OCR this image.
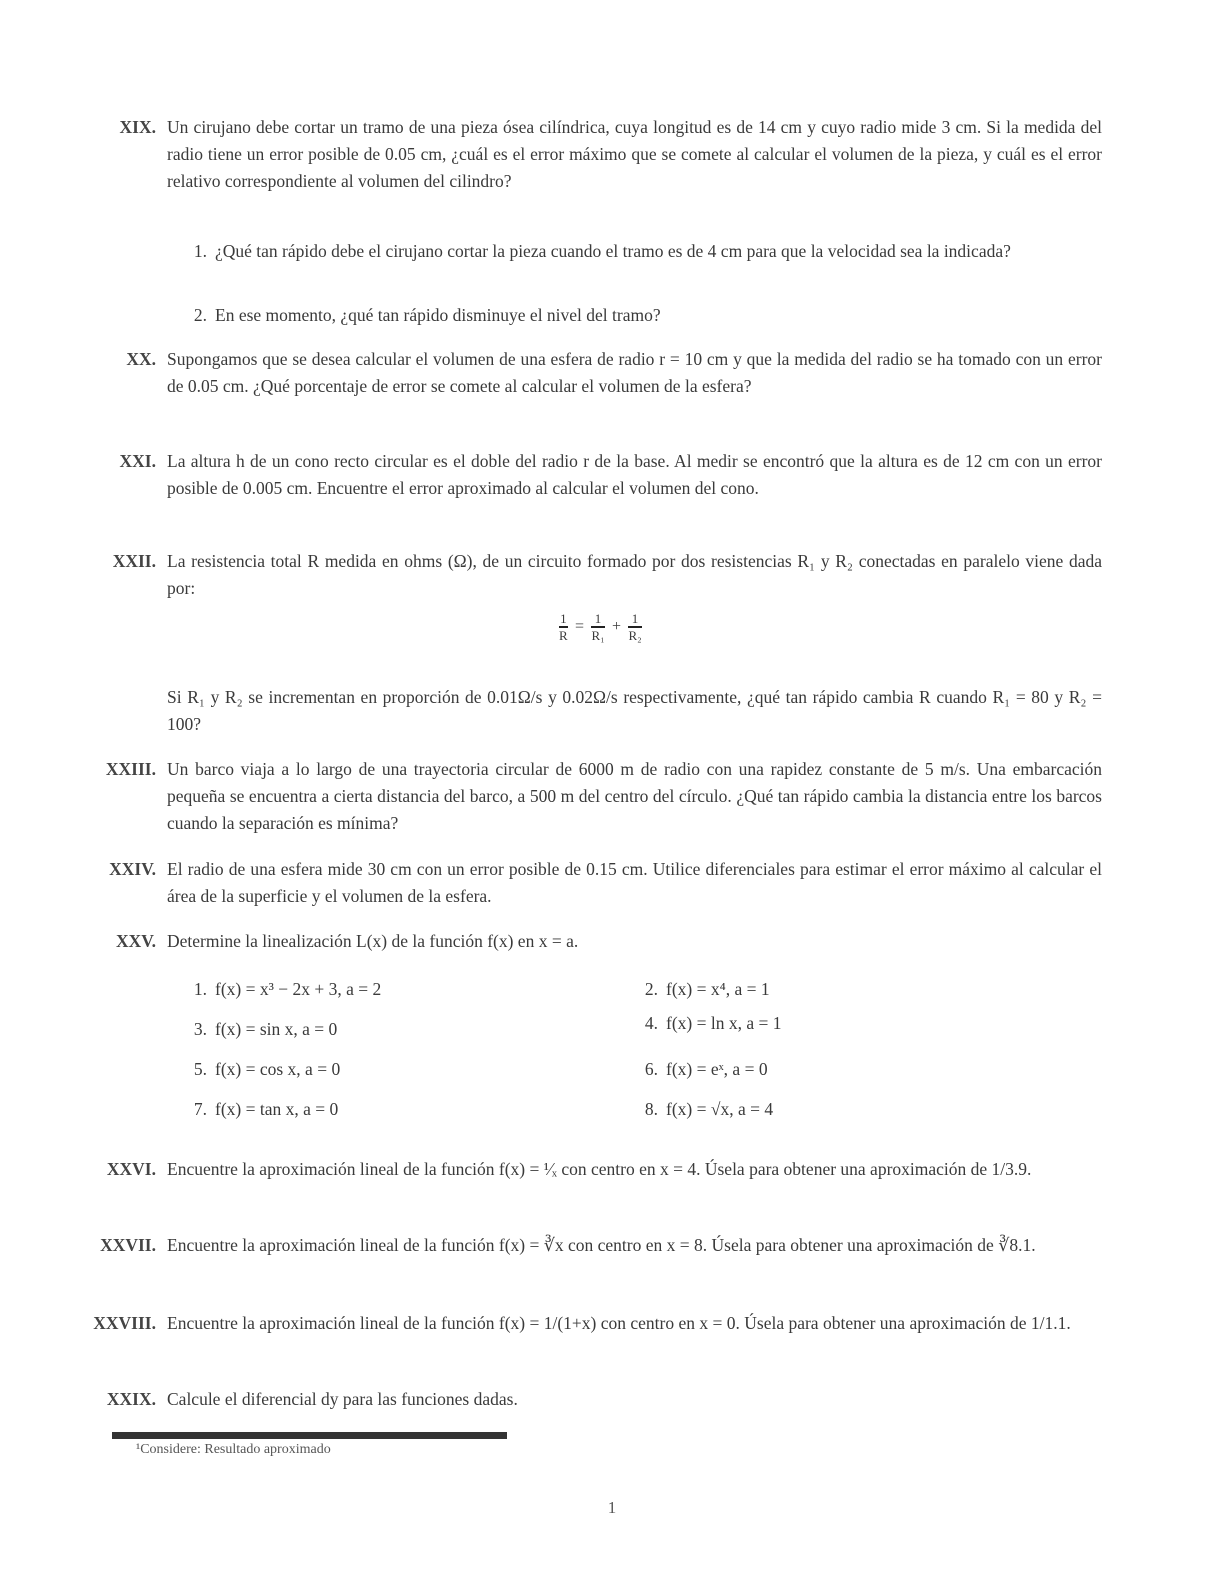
XIX. Un cirujano debe cortar un tramo de una pieza ósea cilíndrica, cuya longitud es de 14 cm y cuyo radio mide 3 cm. Si la medida del radio tiene un error posible de 0.05 cm, ¿cuál es el error máximo que se comete al calcular el volumen de la pieza, y cuál es el error relativo correspondiente al volumen del cilindro?
1. ¿Qué tan rápido debe el cirujano cortar la pieza cuando el tramo es de 4 cm para que la velocidad sea la indicada?
2. En ese momento, ¿qué tan rápido disminuye el nivel del tramo?
XX. Supongamos que se desea calcular el volumen de una esfera de radio r = 10 cm y que la medida del radio se ha tomado con un error de 0.05 cm. ¿Qué porcentaje de error se comete al calcular el volumen de la esfera?
XXI. La altura h de un cono recto circular es el doble del radio r de la base. Al medir se encontró que la altura es de 12 cm con un error posible de 0.005 cm. Encuentre el error aproximado al calcular el volumen del cono.
XXII. La resistencia total R medida en ohms (Ω), de un circuito formado por dos resistencias R₁ y R₂ conectadas en paralelo viene dada por:
$\frac{1}{R} = \frac{1}{\text{R₁}} + \frac{1}{\text{R₂}}$
Si R₁ y R₂ se incrementan en proporción de 0.01Ω/s y 0.02Ω/s respectivamente, ¿qué tan rápido cambia R cuando R₁ = 80 y R₂ = 100?
XXIII. Un barco viaja a lo largo de una trayectoria circular de 6000 m de radio con una rapidez constante de 5 m/s. Una embarcación pequeña se encuentra a cierta distancia del barco, a 500 m del centro del círculo. ¿Qué tan rápido cambia la distancia entre los barcos cuando la separación es mínima?
XXIV. El radio de una esfera mide 30 cm con un error posible de 0.15 cm. Utilice diferenciales para estimar el error máximo al calcular el área de la superficie y el volumen de la esfera.
XXV. Determine la linealización L(x) de la función f(x) en x = a.
1. f(x) = x³ − 2x + 3, a = 2	2. f(x) = x⁴, a = 1
3. f(x) = sin x, a = 0	4. f(x) = ln x, a = 1
5. f(x) = cos x, a = 0	6. f(x) = eˣ, a = 0
7. f(x) = tan x, a = 0	8. f(x) = √x, a = 4
XXVI. Encuentre la aproximación lineal de la función f(x) = ¹⁄ₓ con centro en x = 4. Úsela para obtener una aproximación de 1/3.9.
XXVII. Encuentre la aproximación lineal de la función f(x) = ∛x con centro en x = 8. Úsela para obtener una aproximación de ∛8.1.
XXVIII. Encuentre la aproximación lineal de la función f(x) = 1/(1+x) con centro en x = 0. Úsela para obtener una aproximación de 1/1.1.
XXIX. Calcule el diferencial dy para las funciones dadas.
¹Considere: Resultado aproximado
1
